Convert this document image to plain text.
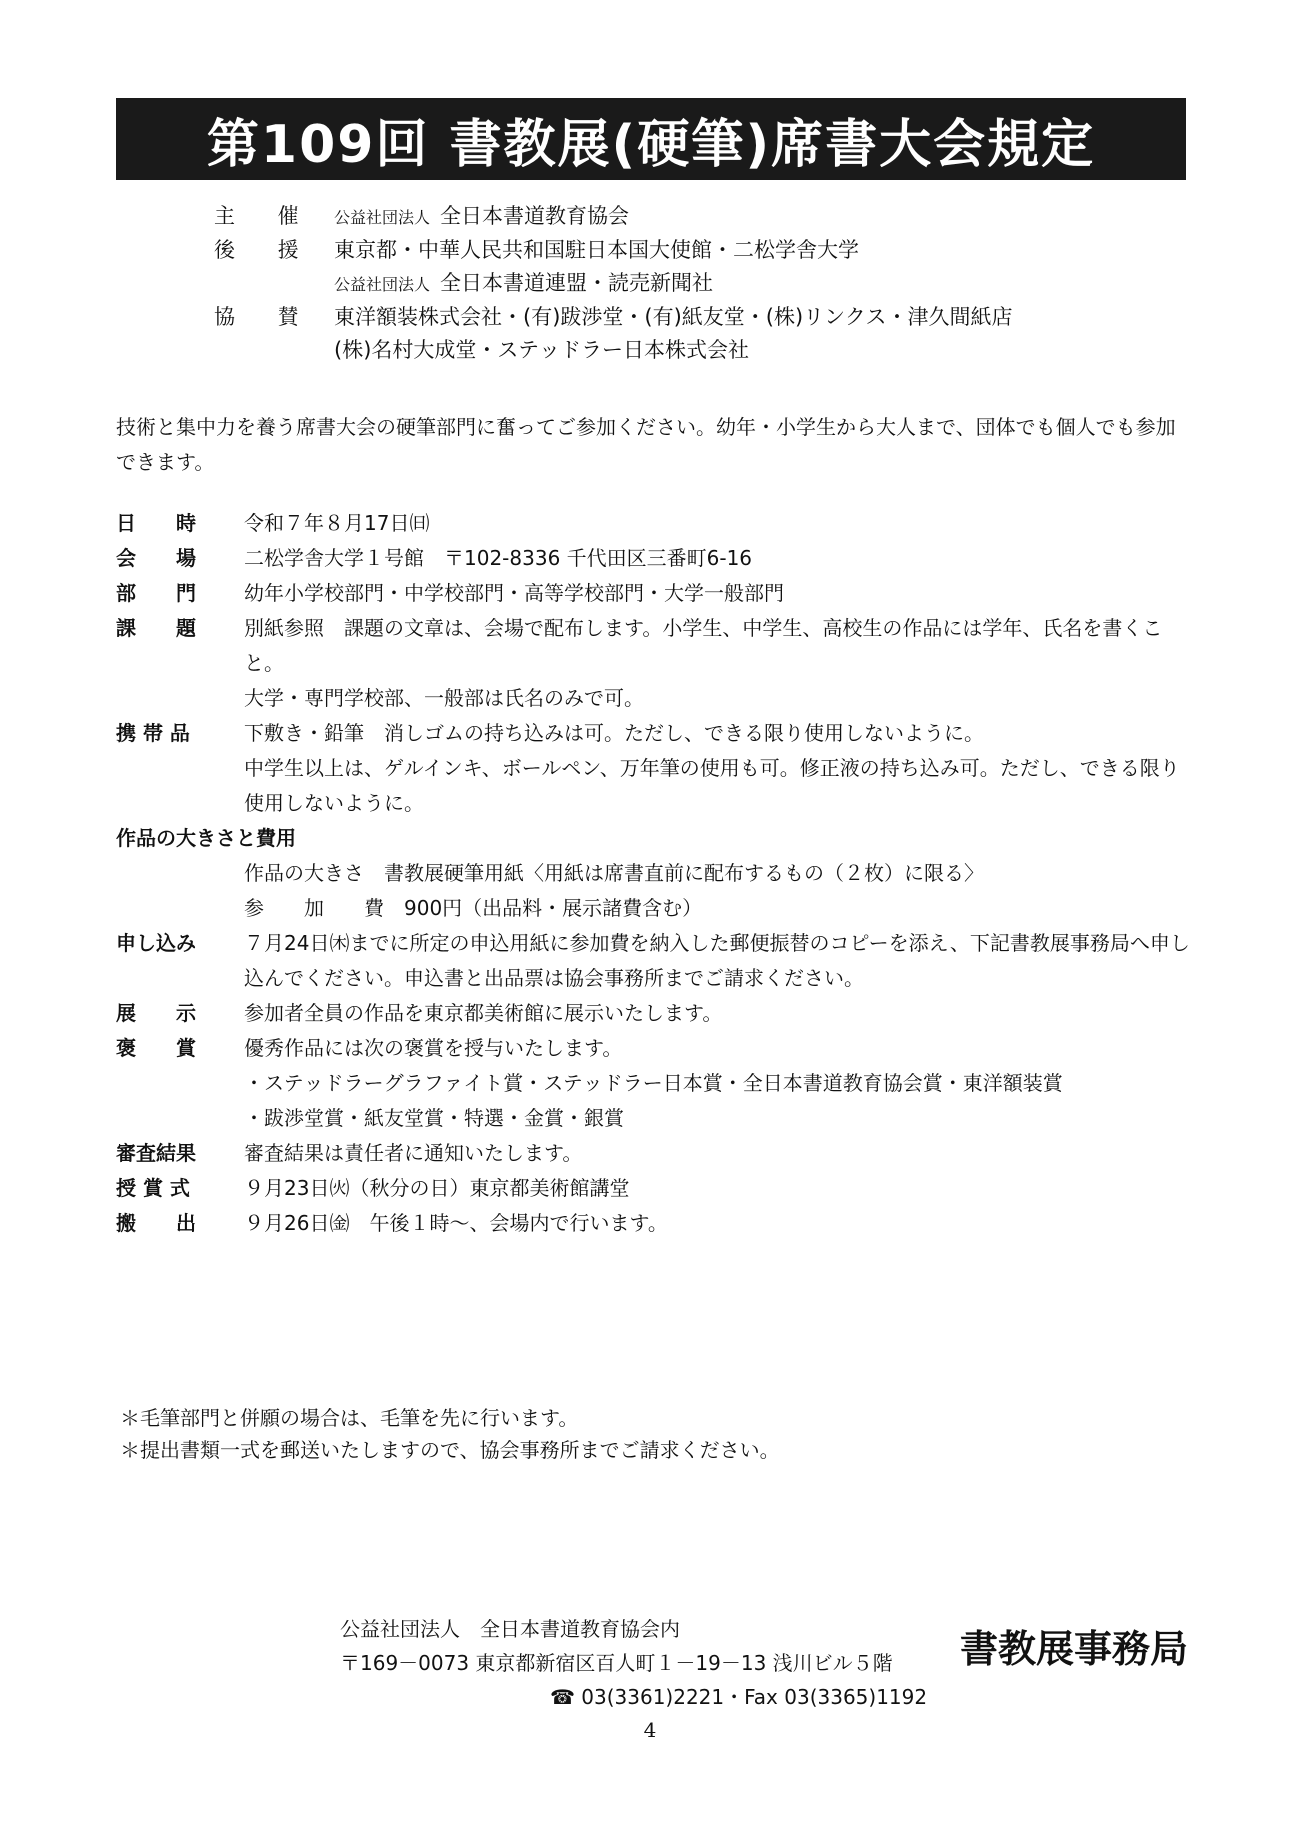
第109回 書教展(硬筆)席書大会規定
主 催	公益社団法人 全日本書道教育協会
後 援 東京都・中華人民共和国駐日本国大使館・二松学舎大学
公益社団法人 全日本書道連盟・読売新聞社
協 賛 東洋額装株式会社・(有)跋渉堂・(有)紙友堂・(株)リンクス・津久間紙店
(株)名村大成堂・ステッドラー日本株式会社
技術と集中力を養う席書大会の硬筆部門に奮ってご参加ください。幼年・小学生から大人まで、団体でも個人でも参加できます。
日　　時	令和７年８月17日㈰
会　　場	二松学舎大学１号館　〒102-8336 千代田区三番町6-16
部　　門	幼年小学校部門・中学校部門・高等学校部門・大学一般部門
課　　題	別紙参照　課題の文章は、会場で配布します。小学生、中学生、高校生の作品には学年、氏名を書くこと。
大学・専門学校部、一般部は氏名のみで可。
携 帯 品	下敷き・鉛筆　消しゴムの持ち込みは可。ただし、できる限り使用しないように。
中学生以上は、ゲルインキ、ボールペン、万年筆の使用も可。修正液の持ち込み可。ただし、できる限り使用しないように。
作品の大きさと費用
作品の大きさ　書教展硬筆用紙〈用紙は席書直前に配布するもの（２枚）に限る〉
参　　加　　費　900円（出品料・展示諸費含む）
申し込み	７月24日㈭までに所定の申込用紙に参加費を納入した郵便振替のコピーを添え、下記書教展事務局へ申し込んでください。申込書と出品票は協会事務所までご請求ください。
展　　示	参加者全員の作品を東京都美術館に展示いたします。
褒　　賞	優秀作品には次の褒賞を授与いたします。
・ステッドラーグラファイト賞・ステッドラー日本賞・全日本書道教育協会賞・東洋額装賞
・跋渉堂賞・紙友堂賞・特選・金賞・銀賞
審査結果	審査結果は責任者に通知いたします。
授 賞 式	９月23日㈫（秋分の日）東京都美術館講堂
搬　　出	９月26日㈮　午後１時〜、会場内で行います。
＊毛筆部門と併願の場合は、毛筆を先に行います。
＊提出書類一式を郵送いたしますので、協会事務所までご請求ください。
公益社団法人　全日本書道教育協会内
〒169－0073 東京都新宿区百人町１－19－13 浅川ビル５階
☎ 03(3361)2221・Fax 03(3365)1192
書教展事務局
4
